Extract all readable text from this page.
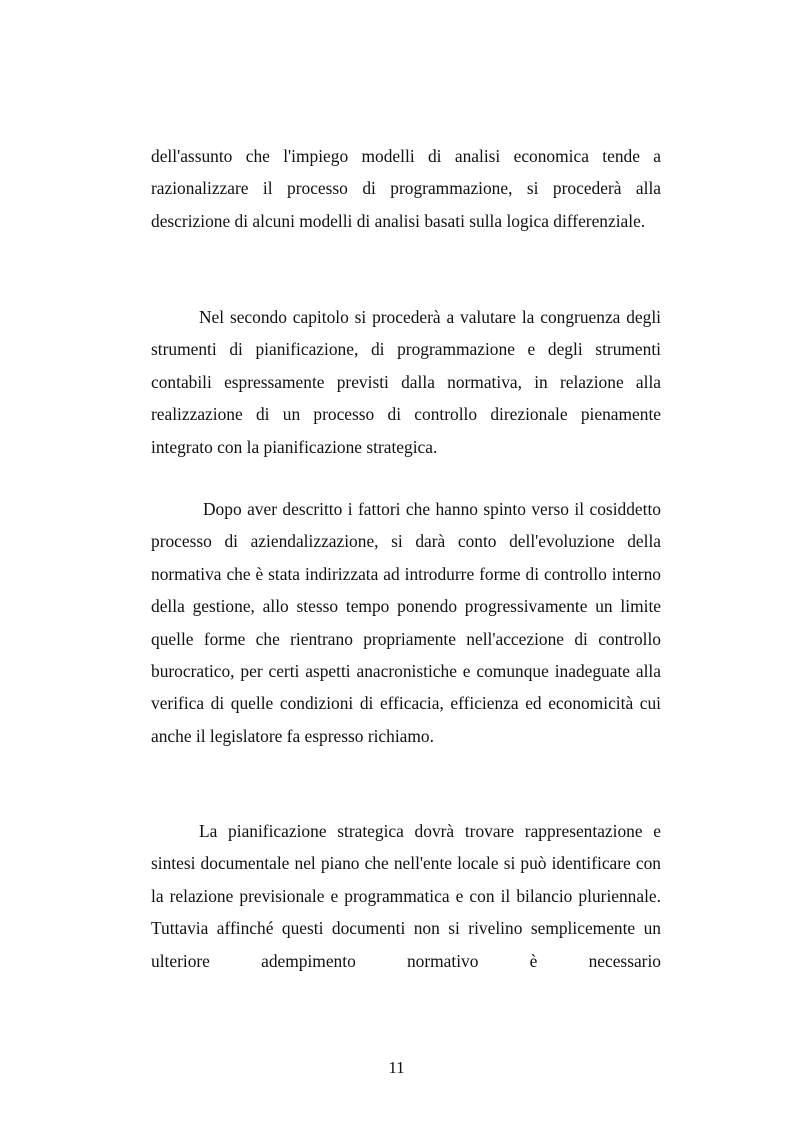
dell'assunto che l'impiego modelli di analisi economica tende a razionalizzare il processo di programmazione, si procederà alla descrizione di alcuni modelli di analisi basati sulla logica differenziale.

Nel secondo capitolo si procederà a valutare la congruenza degli strumenti di pianificazione, di programmazione e degli strumenti contabili espressamente previsti dalla normativa, in relazione alla realizzazione di un processo di controllo direzionale pienamente integrato con la pianificazione strategica.

Dopo aver descritto i fattori che hanno spinto verso il cosiddetto processo di aziendalizzazione, si darà conto dell'evoluzione della normativa che è stata indirizzata ad introdurre forme di controllo interno della gestione, allo stesso tempo ponendo progressivamente un limite quelle forme che rientrano propriamente nell'accezione di controllo burocratico, per certi aspetti anacronistiche e comunque inadeguate alla verifica di quelle condizioni di efficacia, efficienza ed economicità cui anche il legislatore fa espresso richiamo.

La pianificazione strategica dovrà trovare rappresentazione e sintesi documentale nel piano che nell'ente locale si può identificare con la relazione previsionale e programmatica e con il bilancio pluriennale. Tuttavia affinché questi documenti non si rivelino semplicemente un ulteriore adempimento normativo è necessario

11
